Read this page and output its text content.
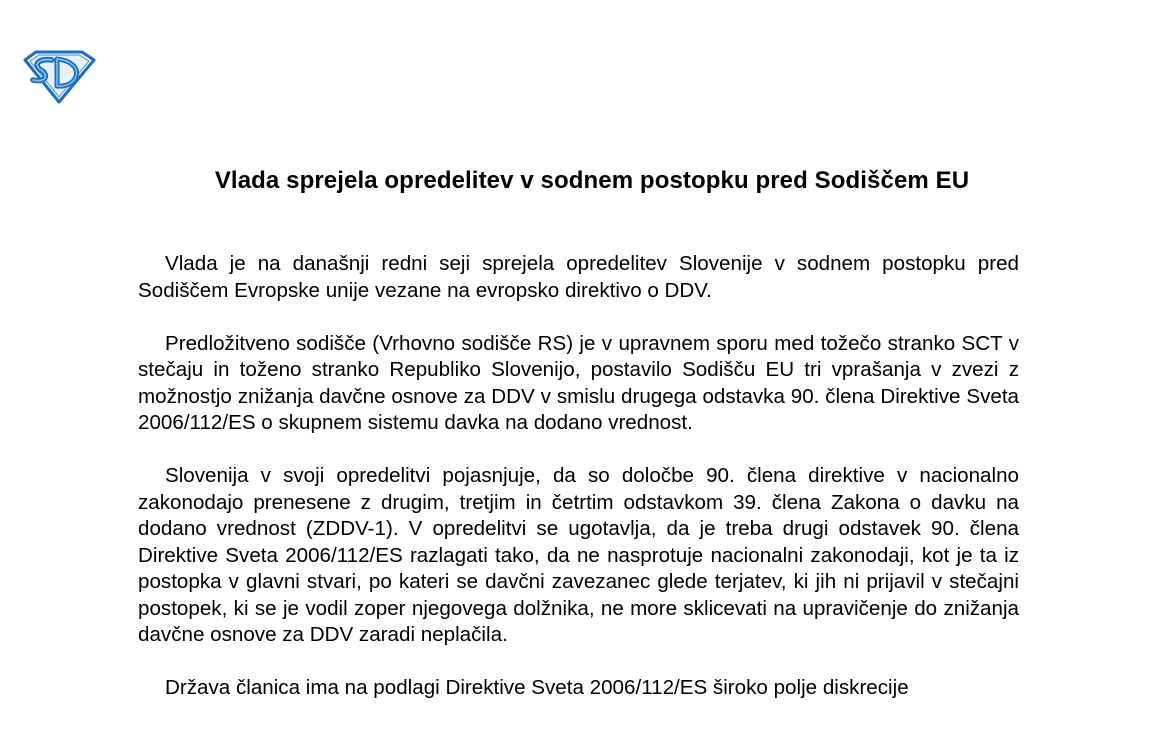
Vlada sprejela opredelitev v sodnem postopku pred Sodiščem EU

Vlada je na današnji redni seji sprejela opredelitev Slovenije v sodnem postopku pred Sodiščem Evropske unije vezane na evropsko direktivo o DDV.

Predložitveno sodišče (Vrhovno sodišče RS) je v upravnem sporu med tožečo stranko SCT v stečaju in toženo stranko Republiko Slovenijo, postavilo Sodišču EU tri vprašanja v zvezi z možnostjo znižanja davčne osnove za DDV v smislu drugega odstavka 90. člena Direktive Sveta 2006/112/ES o skupnem sistemu davka na dodano vrednost.

Slovenija v svoji opredelitvi pojasnjuje, da so določbe 90. člena direktive v nacionalno zakonodajo prenesene z drugim, tretjim in četrtim odstavkom 39. člena Zakona o davku na dodano vrednost (ZDDV-1). V opredelitvi se ugotavlja, da je treba drugi odstavek 90. člena Direktive Sveta 2006/112/ES razlagati tako, da ne nasprotuje nacionalni zakonodaji, kot je ta iz postopka v glavni stvari, po kateri se davčni zavezanec glede terjatev, ki jih ni prijavil v stečajni postopek, ki se je vodil zoper njegovega dolžnika, ne more sklicevati na upravičenje do znižanja davčne osnove za DDV zaradi neplačila.

Država članica ima na podlagi Direktive Sveta 2006/112/ES široko polje diskrecije
